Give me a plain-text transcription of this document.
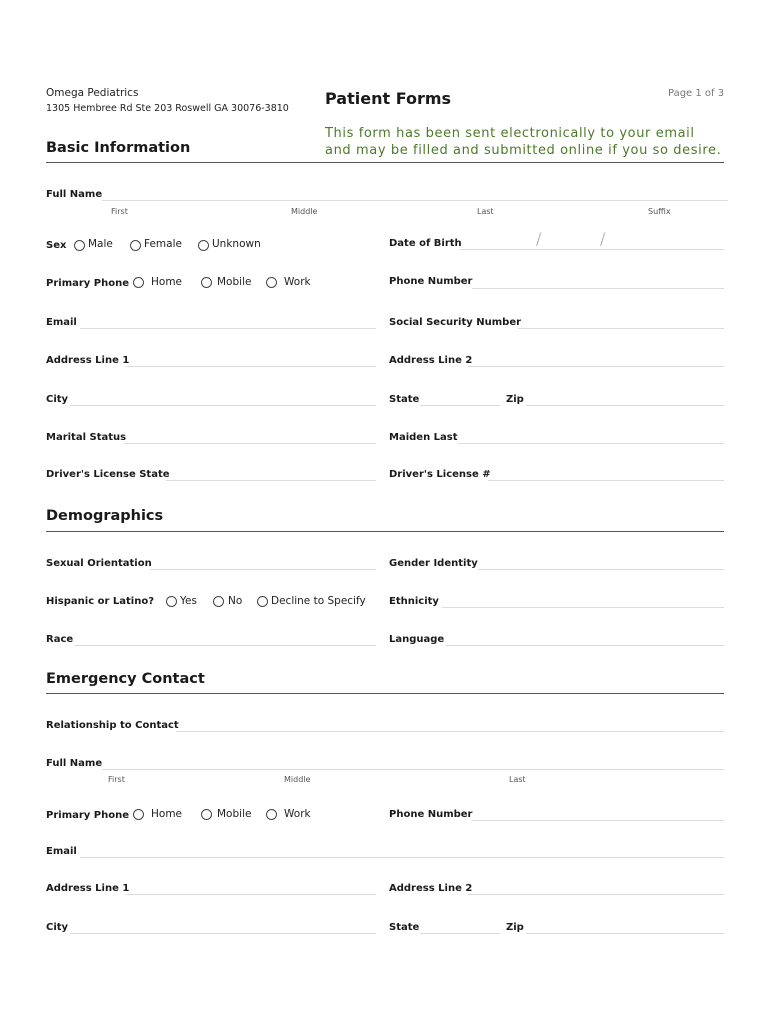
Omega Pediatrics
1305 Hembree Rd Ste 203 Roswell GA 30076-3810
Patient Forms	Page 1 of 3
This form has been sent electronically to your email
and may be filled and submitted online if you so desire.
Basic Information
Full Name
First	Middle	Last	Suffix
Sex Male	Female	Unknown	Date of Birth	/	/
Primary Phone Home	Mobile	Work	Phone Number
Email	Social Security Number
Address Line 1	Address Line 2
City	State	Zip
Marital Status	Maiden Last
Driver's License State	Driver's License #
Demographics
Sexual Orientation	Gender Identity
Hispanic or Latino? Yes	No	Decline to Specify Ethnicity
Race	Language
Emergency Contact
Relationship to Contact
Full Name
First	Middle	Last
Primary Phone Home	Mobile	Work	Phone Number
Email
Address Line 1	Address Line 2
City	State	Zip
